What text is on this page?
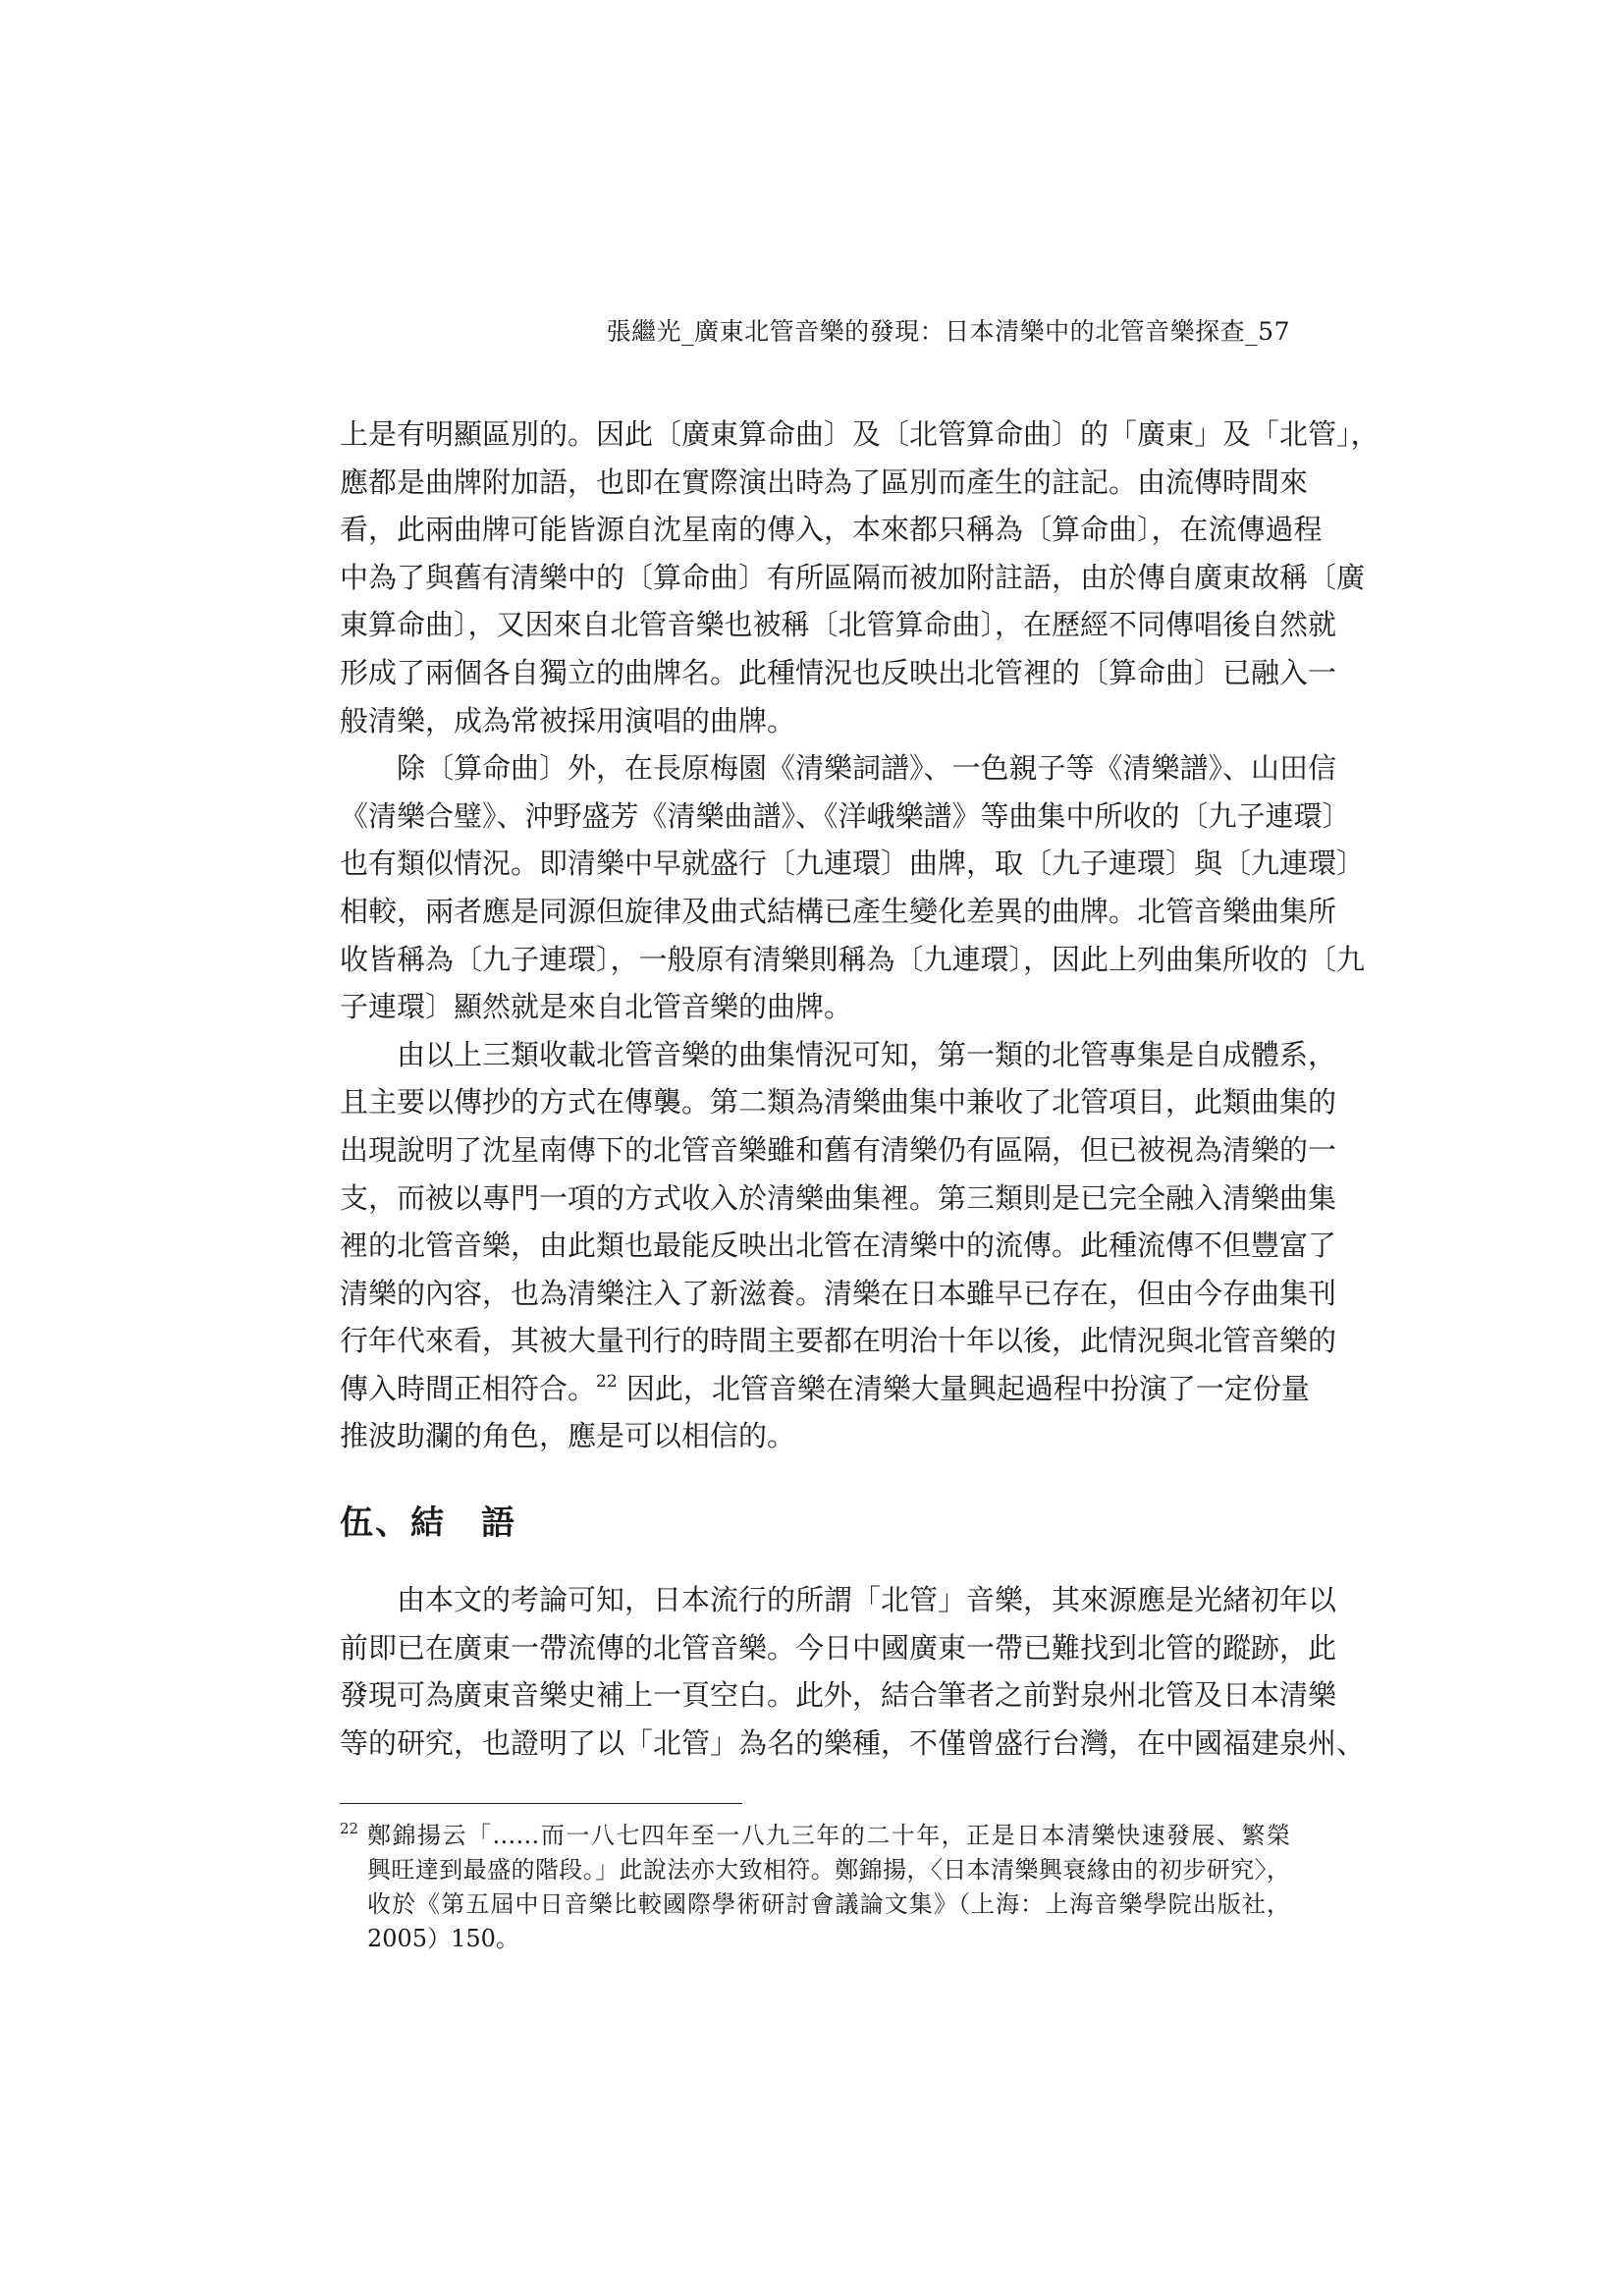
張繼光_廣東北管音樂的發現：日本清樂中的北管音樂探查_57

上是有明顯區別的。因此〔廣東算命曲〕及〔北管算命曲〕的「廣東」及「北管」，
應都是曲牌附加語，也即在實際演出時為了區別而產生的註記。由流傳時間來
看，此兩曲牌可能皆源自沈星南的傳入，本來都只稱為〔算命曲〕，在流傳過程
中為了與舊有清樂中的〔算命曲〕有所區隔而被加附註語，由於傳自廣東故稱〔廣
東算命曲〕，又因來自北管音樂也被稱〔北管算命曲〕，在歷經不同傳唱後自然就
形成了兩個各自獨立的曲牌名。此種情況也反映出北管裡的〔算命曲〕已融入一
般清樂，成為常被採用演唱的曲牌。

除〔算命曲〕外，在長原梅園《清樂詞譜》、一色親子等《清樂譜》、山田信
《清樂合璧》、沖野盛芳《清樂曲譜》、《洋峨樂譜》等曲集中所收的〔九子連環〕
也有類似情況。即清樂中早就盛行〔九連環〕曲牌，取〔九子連環〕與〔九連環〕
相較，兩者應是同源但旋律及曲式結構已產生變化差異的曲牌。北管音樂曲集所
收皆稱為〔九子連環〕，一般原有清樂則稱為〔九連環〕，因此上列曲集所收的〔九
子連環〕顯然就是來自北管音樂的曲牌。

由以上三類收載北管音樂的曲集情況可知，第一類的北管專集是自成體系，
且主要以傳抄的方式在傳襲。第二類為清樂曲集中兼收了北管項目，此類曲集的
出現說明了沈星南傳下的北管音樂雖和舊有清樂仍有區隔，但已被視為清樂的一
支，而被以專門一項的方式收入於清樂曲集裡。第三類則是已完全融入清樂曲集
裡的北管音樂，由此類也最能反映出北管在清樂中的流傳。此種流傳不但豐富了
清樂的內容，也為清樂注入了新滋養。清樂在日本雖早已存在，但由今存曲集刊
行年代來看，其被大量刊行的時間主要都在明治十年以後，此情況與北管音樂的
傳入時間正相符合。$^{22}$ 因此，北管音樂在清樂大量興起過程中扮演了一定份量
推波助瀾的角色，應是可以相信的。

伍、結　語

由本文的考論可知，日本流行的所謂「北管」音樂，其來源應是光緒初年以
前即已在廣東一帶流傳的北管音樂。今日中國廣東一帶已難找到北管的蹤跡，此
發現可為廣東音樂史補上一頁空白。此外，結合筆者之前對泉州北管及日本清樂
等的研究，也證明了以「北管」為名的樂種，不僅曾盛行台灣，在中國福建泉州、

22 鄭錦揚云「……而一八七四年至一八九三年的二十年，正是日本清樂快速發展、繁榮
興旺達到最盛的階段。」此說法亦大致相符。鄭錦揚，〈日本清樂興衰緣由的初步研究〉，
收於《第五屆中日音樂比較國際學術研討會議論文集》（上海：上海音樂學院出版社，
2005）150。
